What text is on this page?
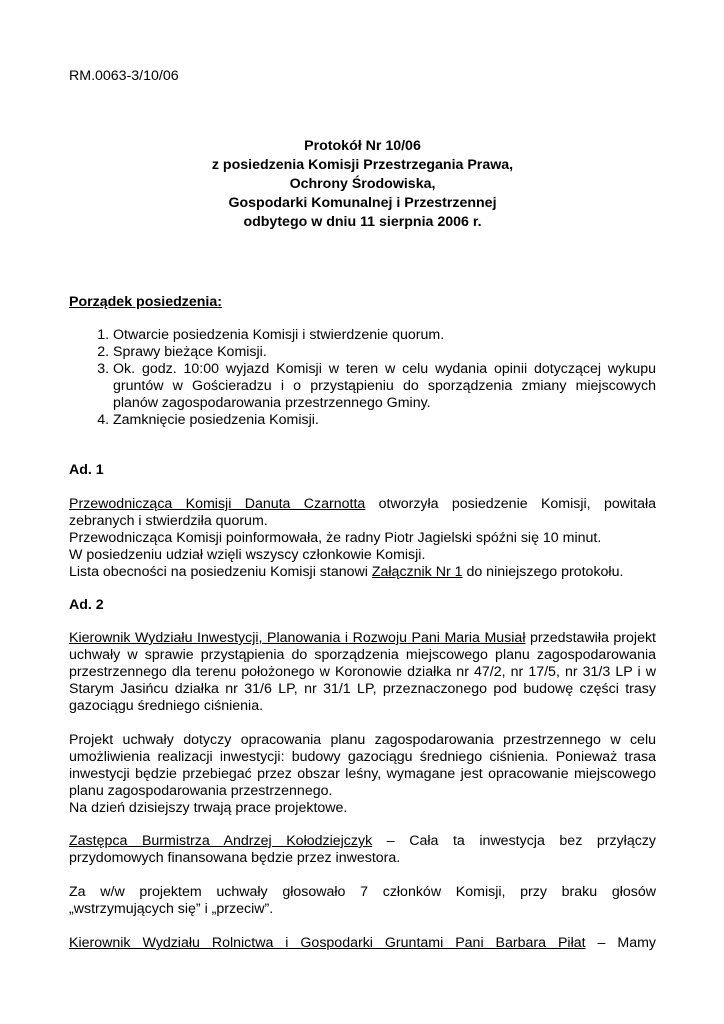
RM.0063-3/10/06
Protokół Nr 10/06
z posiedzenia Komisji Przestrzegania Prawa,
Ochrony Środowiska,
Gospodarki Komunalnej i Przestrzennej
odbytego w dniu 11 sierpnia 2006 r.
Porządek posiedzenia:
1. Otwarcie posiedzenia Komisji i stwierdzenie quorum.
2. Sprawy bieżące Komisji.
3. Ok. godz. 10:00 wyjazd Komisji w teren w celu wydania opinii dotyczącej wykupu gruntów w Gościeradzu i o przystąpieniu do sporządzenia zmiany miejscowych planów zagospodarowania przestrzennego Gminy.
4. Zamknięcie posiedzenia Komisji.
Ad. 1

Przewodnicząca Komisji Danuta Czarnotta otworzyła posiedzenie Komisji, powitała zebranych i stwierdziła quorum.

Przewodnicząca Komisji poinformowała, że radny Piotr Jagielski spóźni się 10 minut.

W posiedzeniu udział wzięli wszyscy członkowie Komisji.

Lista obecności na posiedzeniu Komisji stanowi Załącznik Nr 1 do niniejszego protokołu.

Ad. 2

Kierownik Wydziału Inwestycji, Planowania i Rozwoju Pani Maria Musiał przedstawiła projekt uchwały w sprawie przystąpienia do sporządzenia miejscowego planu zagospodarowania przestrzennego dla terenu położonego w Koronowie działka nr 47/2, nr 17/5, nr 31/3 LP i w Starym Jasińcu działka nr 31/6 LP, nr 31/1 LP, przeznaczonego pod budowę części trasy gazociągu średniego ciśnienia.

Projekt uchwały dotyczy opracowania planu zagospodarowania przestrzennego w celu umożliwienia realizacji inwestycji: budowy gazociągu średniego ciśnienia. Ponieważ trasa inwestycji będzie przebiegać przez obszar leśny, wymagane jest opracowanie miejscowego planu zagospodarowania przestrzennego.

Na dzień dzisiejszy trwają prace projektowe.

Zastępca Burmistrza Andrzej Kołodziejczyk – Cała ta inwestycja bez przyłączy przydomowych finansowana będzie przez inwestora.

Za w/w projektem uchwały głosowało 7 członków Komisji, przy braku głosów „wstrzymujących się” i „przeciw”.

Kierownik Wydziału Rolnictwa i Gospodarki Gruntami Pani Barbara Piłat – Mamy
